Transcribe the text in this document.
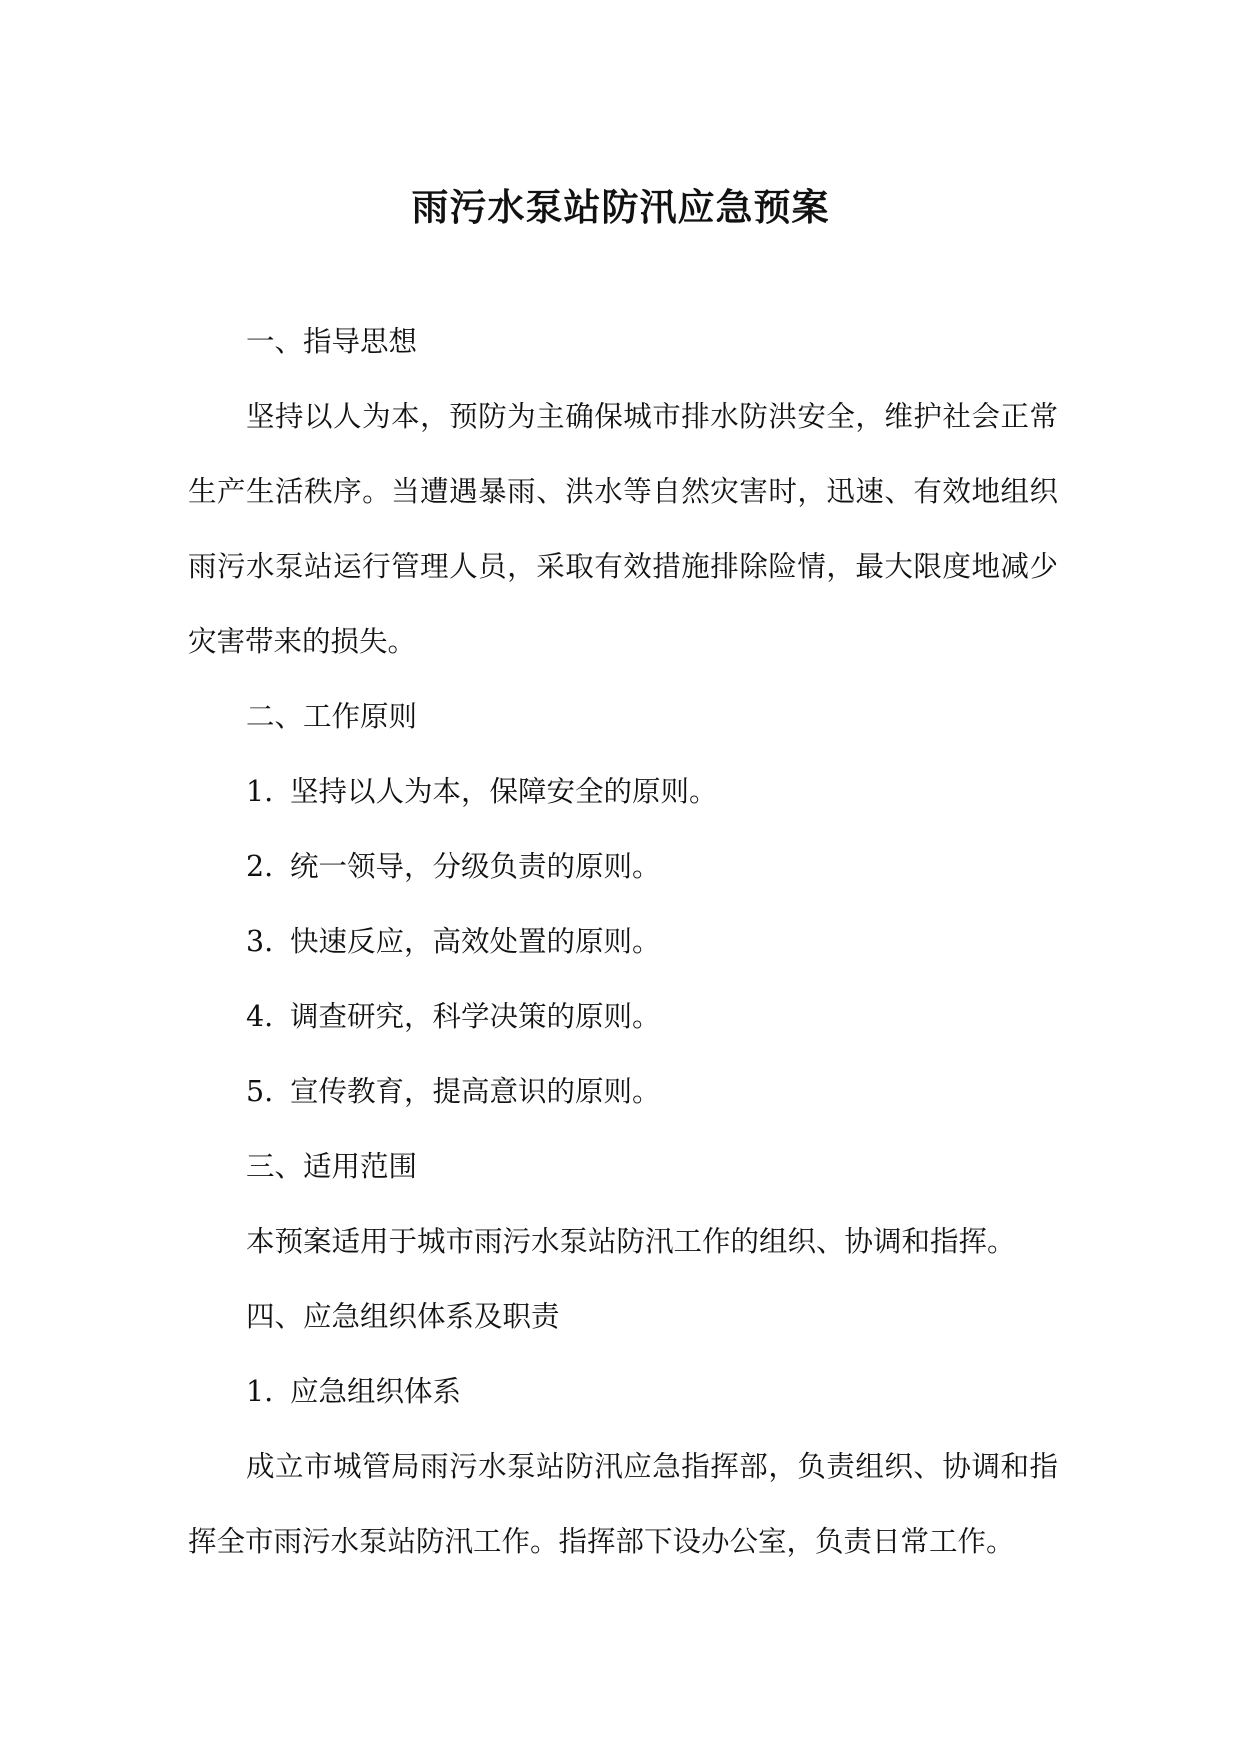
雨污水泵站防汛应急预案

一、指导思想

坚持以人为本，预防为主确保城市排水防洪安全，维护社会正常

生产生活秩序。当遭遇暴雨、洪水等自然灾害时，迅速、有效地组织

雨污水泵站运行管理人员，采取有效措施排除险情，最大限度地减少

灾害带来的损失。

二、工作原则

1. 坚持以人为本，保障安全的原则。

2. 统一领导，分级负责的原则。

3. 快速反应，高效处置的原则。

4. 调查研究，科学决策的原则。

5. 宣传教育，提高意识的原则。

三、适用范围

本预案适用于城市雨污水泵站防汛工作的组织、协调和指挥。

四、应急组织体系及职责

1. 应急组织体系

成立市城管局雨污水泵站防汛应急指挥部，负责组织、协调和指

挥全市雨污水泵站防汛工作。指挥部下设办公室，负责日常工作。
